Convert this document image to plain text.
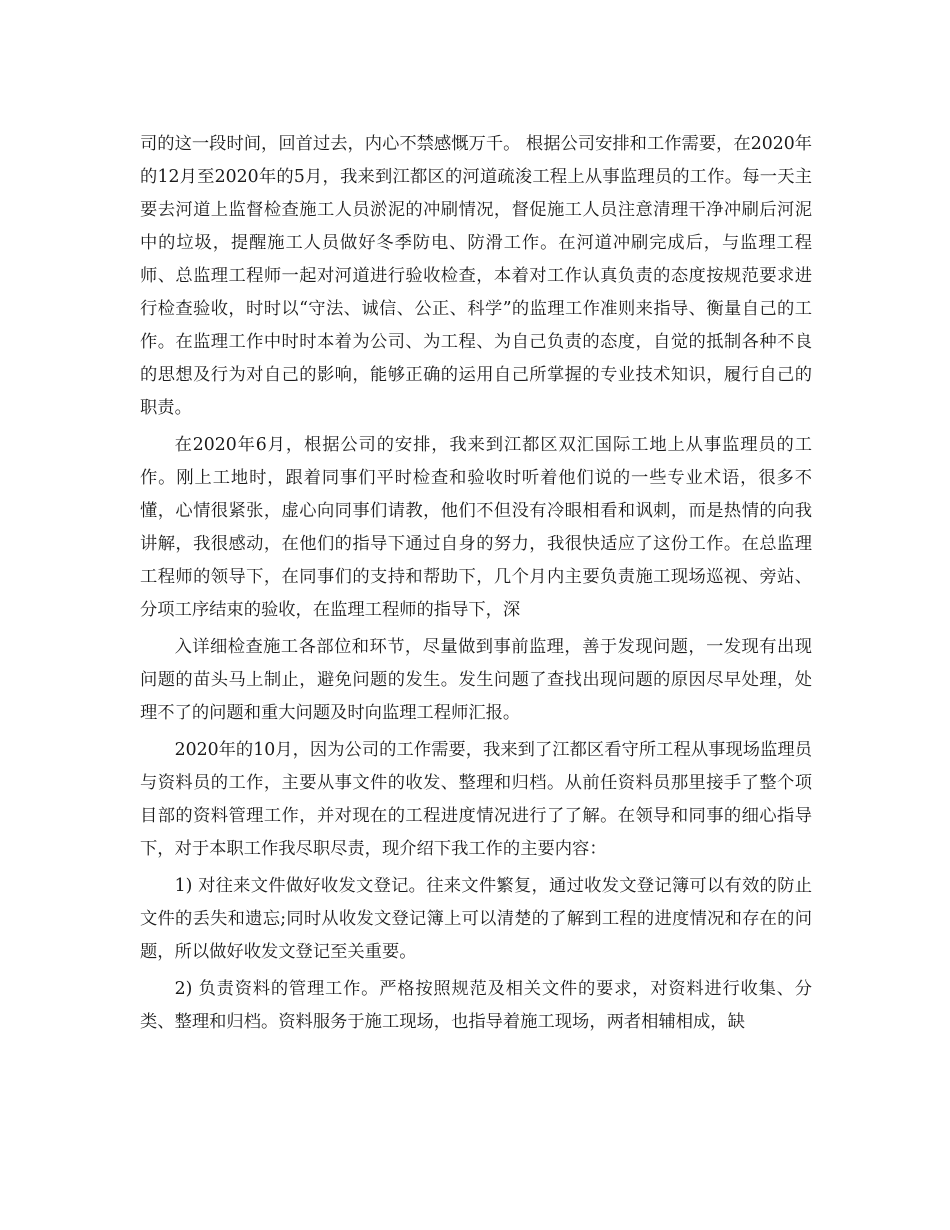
司的这一段时间，回首过去，内心不禁感慨万千。 根据公司安排和工作需要，在2020年的12月至2020年的5月，我来到江都区的河道疏浚工程上从事监理员的工作。每一天主要去河道上监督检查施工人员淤泥的冲刷情况，督促施工人员注意清理干净冲刷后河泥中的垃圾，提醒施工人员做好冬季防电、防滑工作。在河道冲刷完成后，与监理工程师、总监理工程师一起对河道进行验收检查，本着对工作认真负责的态度按规范要求进行检查验收，时时以“守法、诚信、公正、科学”的监理工作准则来指导、衡量自己的工作。在监理工作中时时本着为公司、为工程、为自己负责的态度，自觉的抵制各种不良的思想及行为对自己的影响，能够正确的运用自己所掌握的专业技术知识，履行自己的职责。

在2020年6月，根据公司的安排，我来到江都区双汇国际工地上从事监理员的工作。刚上工地时，跟着同事们平时检查和验收时听着他们说的一些专业术语，很多不懂，心情很紧张，虚心向同事们请教，他们不但没有冷眼相看和讽刺，而是热情的向我讲解，我很感动，在他们的指导下通过自身的努力，我很快适应了这份工作。在总监理工程师的领导下，在同事们的支持和帮助下，几个月内主要负责施工现场巡视、旁站、分项工序结束的验收，在监理工程师的指导下，深

入详细检查施工各部位和环节，尽量做到事前监理，善于发现问题，一发现有出现问题的苗头马上制止，避免问题的发生。发生问题了查找出现问题的原因尽早处理，处理不了的问题和重大问题及时向监理工程师汇报。

2020年的10月，因为公司的工作需要，我来到了江都区看守所工程从事现场监理员与资料员的工作，主要从事文件的收发、整理和归档。从前任资料员那里接手了整个项目部的资料管理工作，并对现在的工程进度情况进行了了解。在领导和同事的细心指导下，对于本职工作我尽职尽责，现介绍下我工作的主要内容：

1) 对往来文件做好收发文登记。往来文件繁复，通过收发文登记簿可以有效的防止文件的丢失和遗忘;同时从收发文登记簿上可以清楚的了解到工程的进度情况和存在的问题，所以做好收发文登记至关重要。

2) 负责资料的管理工作。严格按照规范及相关文件的要求，对资料进行收集、分类、整理和归档。资料服务于施工现场，也指导着施工现场，两者相辅相成，缺
